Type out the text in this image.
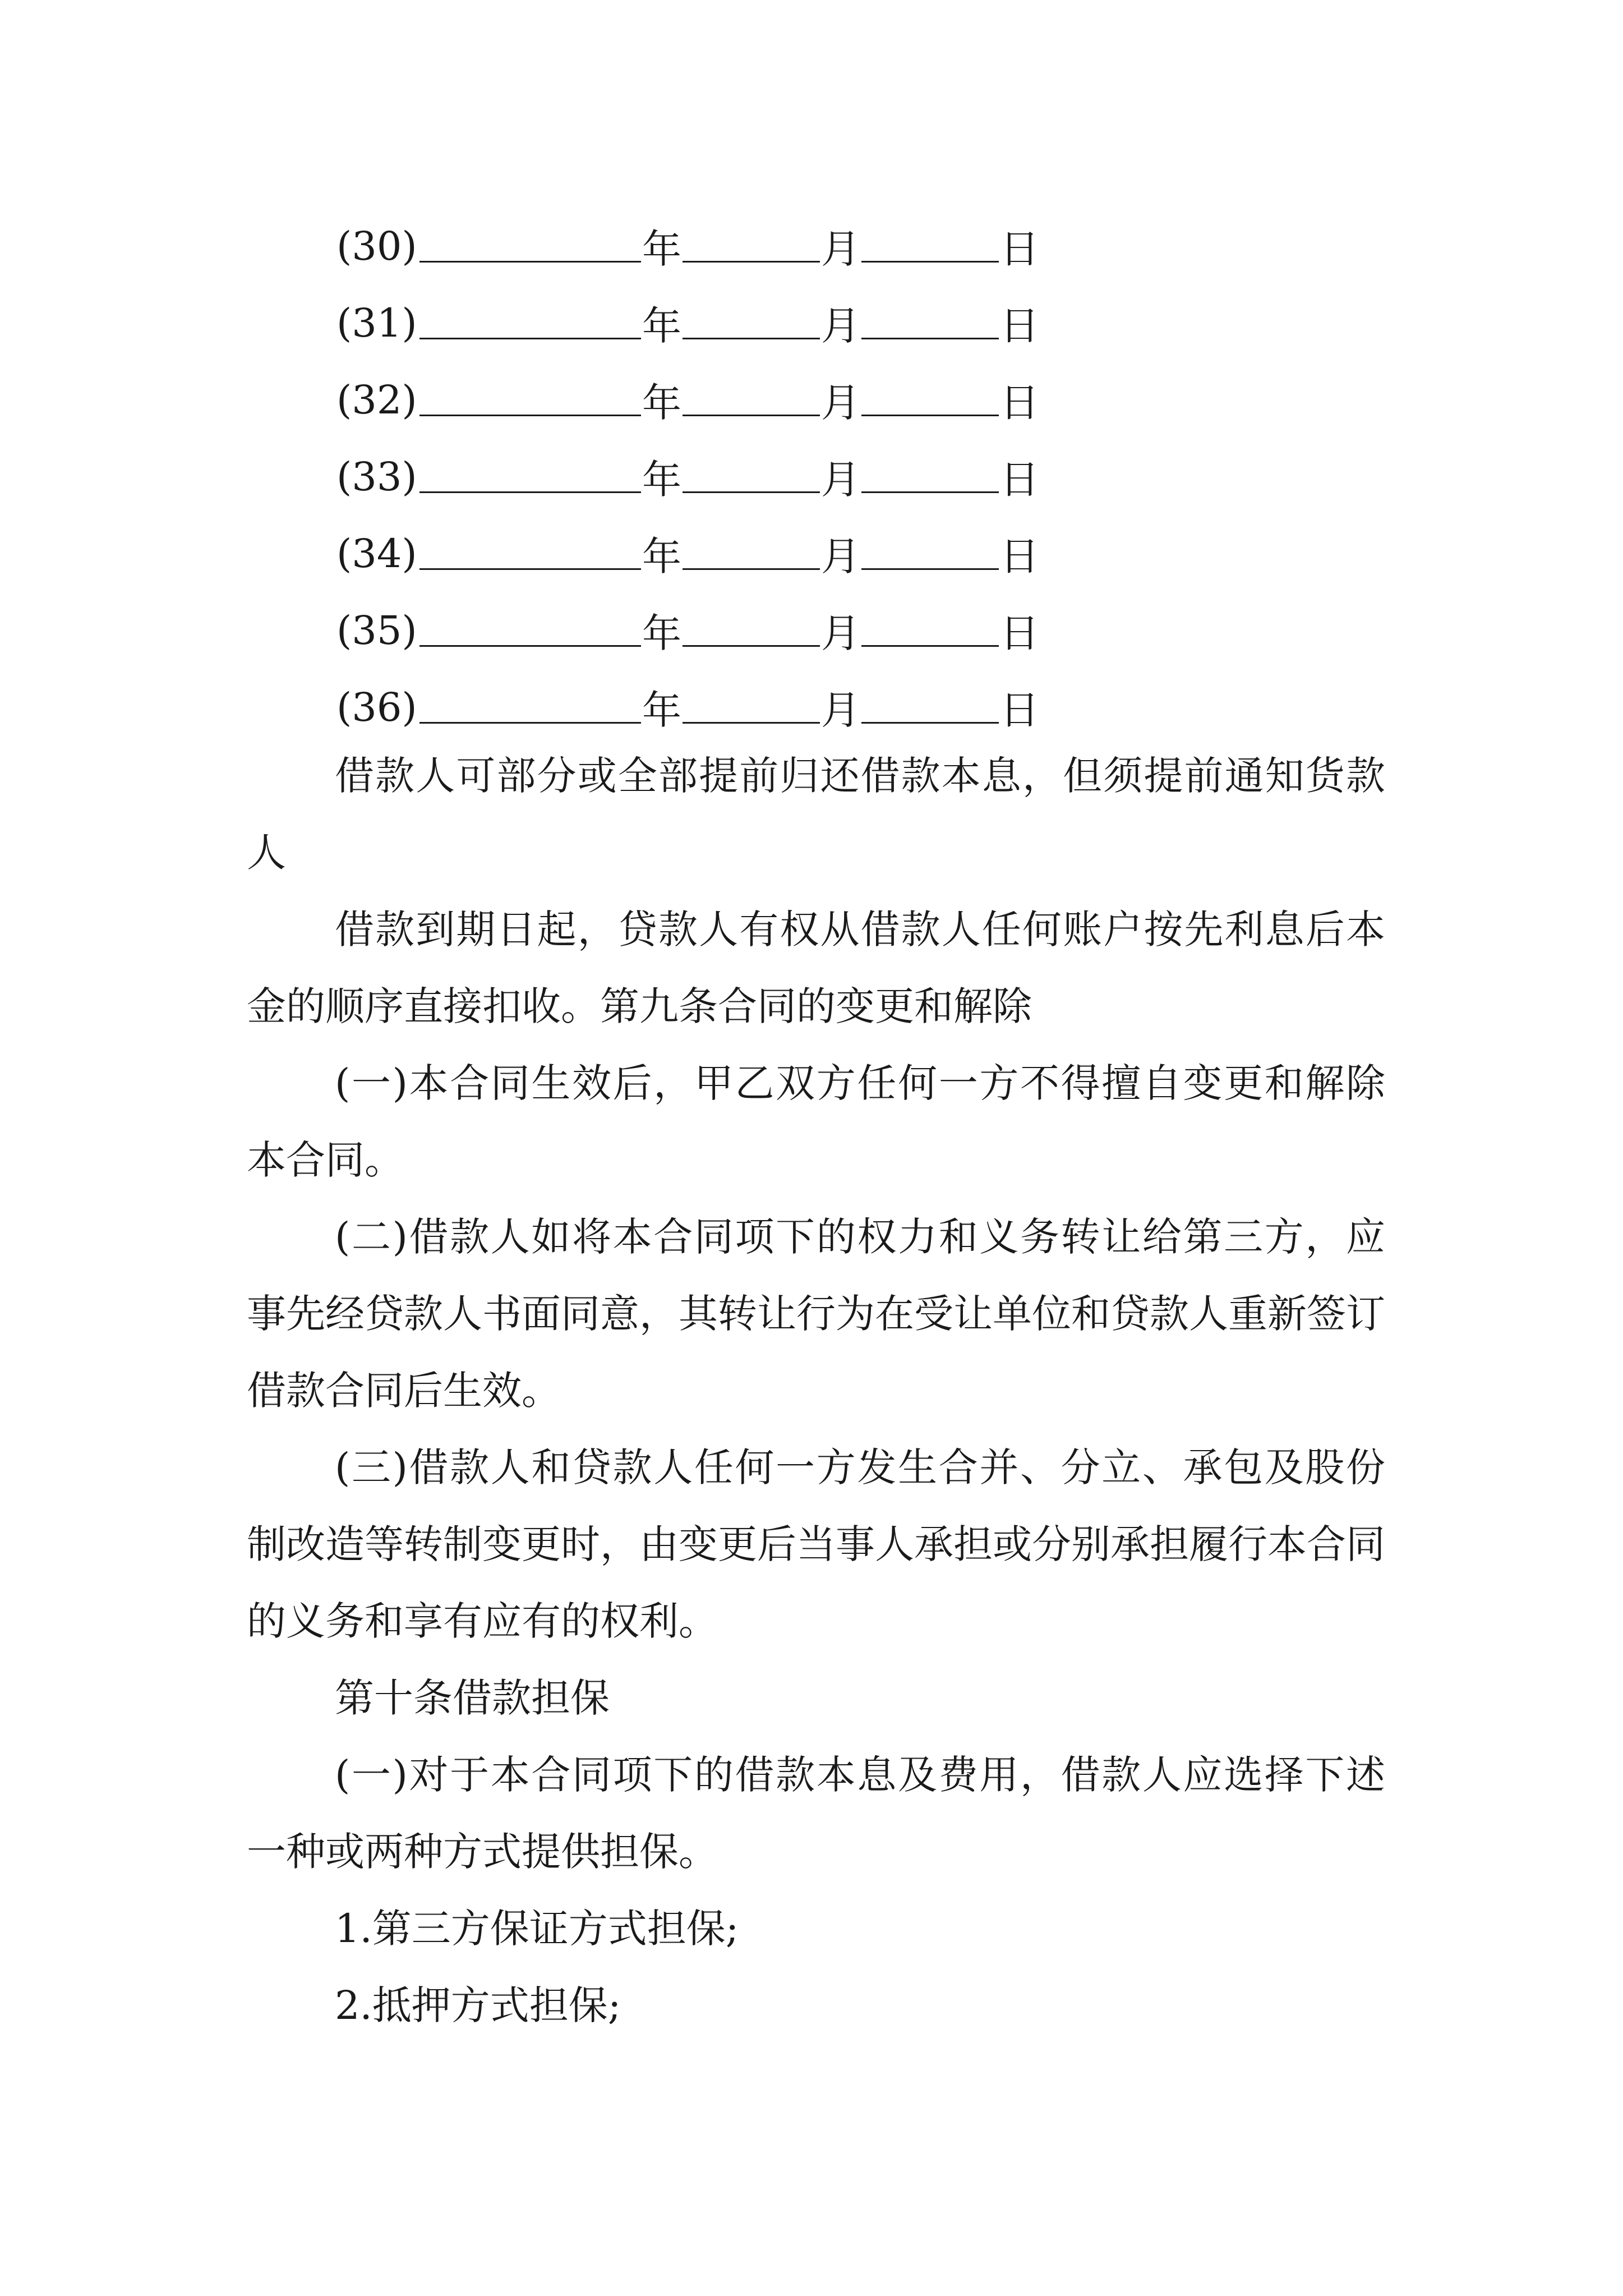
(30)	年	月	日
(31)	年	月	日
(32)	年	月	日
(33)	年	月	日
(34)	年	月	日
(35)	年	月	日
(36)	年	月	日

借款人可部分或全部提前归还借款本息，但须提前通知货款人

借款到期日起，贷款人有权从借款人任何账户按先利息后本金的顺序直接扣收。第九条合同的变更和解除

(一)本合同生效后，甲乙双方任何一方不得擅自变更和解除本合同。

(二)借款人如将本合同项下的权力和义务转让给第三方，应事先经贷款人书面同意，其转让行为在受让单位和贷款人重新签订借款合同后生效。

(三)借款人和贷款人任何一方发生合并、分立、承包及股份制改造等转制变更时，由变更后当事人承担或分别承担履行本合同的义务和享有应有的权利。

第十条借款担保

(一)对于本合同项下的借款本息及费用，借款人应选择下述一种或两种方式提供担保。

1.第三方保证方式担保;

2.抵押方式担保;
